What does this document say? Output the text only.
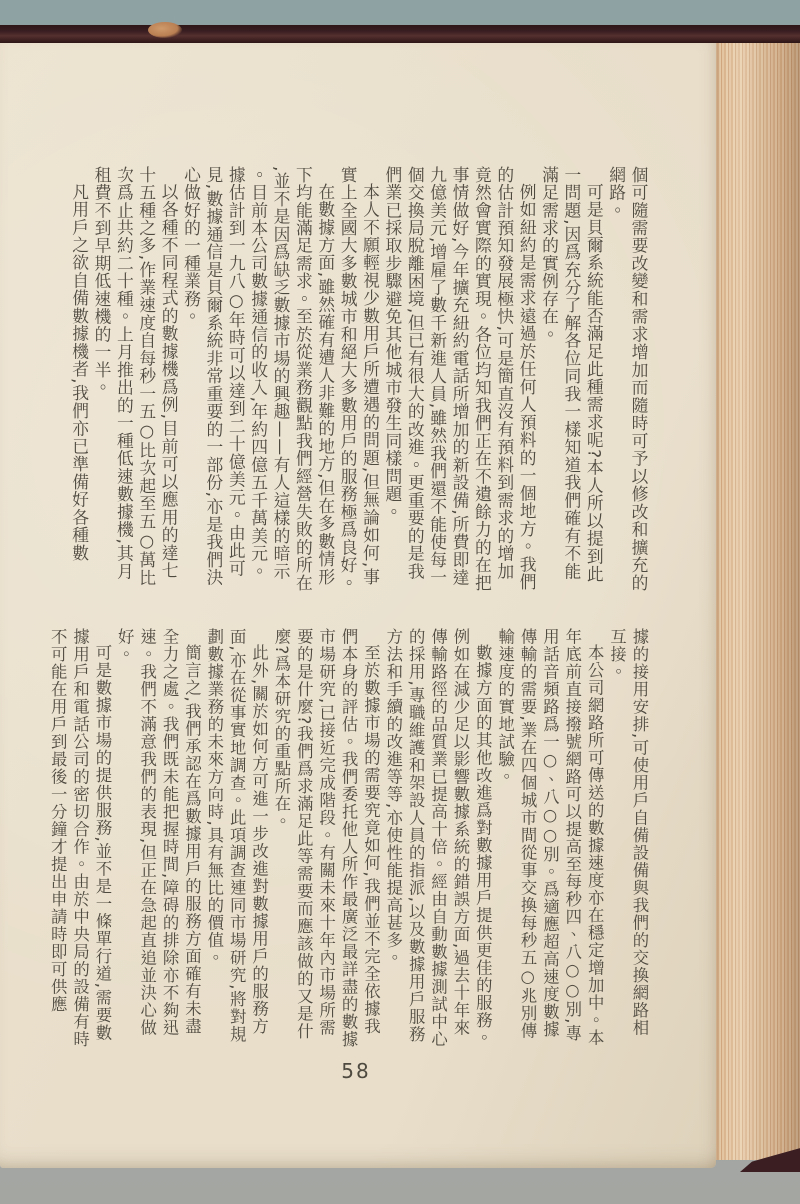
個可隨需要改變和需求增加而隨時可予以修改和擴充的網路。

可是貝爾系統能否滿足此種需求呢?本人所以提到此一問題,因爲充分了解各位同我一樣知道我們確有不能滿足需求的實例存在。

例如紐約是需求遠過於任何人預料的一個地方。我們的估計預知發展極快,可是簡直沒有預料到需求的增加竟然會實際的實現。各位均知我們正在不遺餘力的在把事情做好,今年擴充紐約電話所增加的新設備,所費即達九億美元,增雇了數千新進人員,雖然我們還不能使每一個交換局脫離困境,但已有很大的改進。更重要的是我們業已採取步驟避免其他城市發生同樣問題。

本人不願輕視少數用戶所遭遇的問題,但無論如何,事實上全國大多數城市和絕大多數用戶的服務極爲良好。

在數據方面,雖然確有遭人非難的地方,但在多數情形下均能滿足需求。至於從業務觀點我們經營失敗的所在,並不是因爲缺乏數據市場的興趣——有人這樣的暗示。目前本公司數據通信的收入,年約四億五千萬美元。據估計到一九八○年時可以達到二十億美元。由此可見,數據通信是貝爾系統非常重要的一部份,亦是我們決心做好的一種業務。

以各種不同程式的數據機爲例,目前可以應用的達七十五種之多,作業速度自每秒一五○比次起至五○萬比次爲止共約二十種。上月推出的一種低速數據機,其月租費不到早期低速機的一半。

凡用戶之欲自備數據機者,我們亦已準備好各種數

據的接用安排,可使用戶自備設備與我們的交換網路相互接。

本公司網路所可傳送的數據速度亦在穩定增加中。本年底前直接撥號網路可以提高至每秒四、八○○別,專用話音頻路爲一○、八○○別。爲適應超高速度數據傳輸的需要,業在四個城市間從事交換每秒五○兆別傳輸速度的實地試驗。

數據方面的其他改進爲對數據用戶提供更佳的服務。例如在減少足以影響數據系統的錯誤方面,過去十年來傳輸路徑的品質業已提高十倍。經由自動數據測試中心的採用,專職維護和架設人員的指派,以及數據用戶服務方法和手續的改進等等,亦使性能提高甚多。

至於數據市場的需要究竟如何,我們並不完全依據我們本身的評估。我們委托他人所作最廣泛最詳盡的數據市場研究,已接近完成階段。有關未來十年內市場所需要的是什麼?我們爲求滿足此等需要而應該做的又是什麼?爲本研究的重點所在。

此外,關於如何方可進一步改進對數據用戶的服務方面,亦在從事實地調查。此項調查連同市場研究,將對規劃數據業務的未來方向時,具有無比的價值。

簡言之,我們承認在爲數據用戶的服務方面確有未盡全力之處。我們既未能把握時間,障碍的排除亦不夠迅速。我們不滿意我們的表現,但正在急起直追並決心做好。

可是數據市場的提供服務,並不是一條單行道,需要數據用戶和電話公司的密切合作。由於中央局的設備有時不可能在用戶到最後一分鐘才提出申請時即可供應

58
